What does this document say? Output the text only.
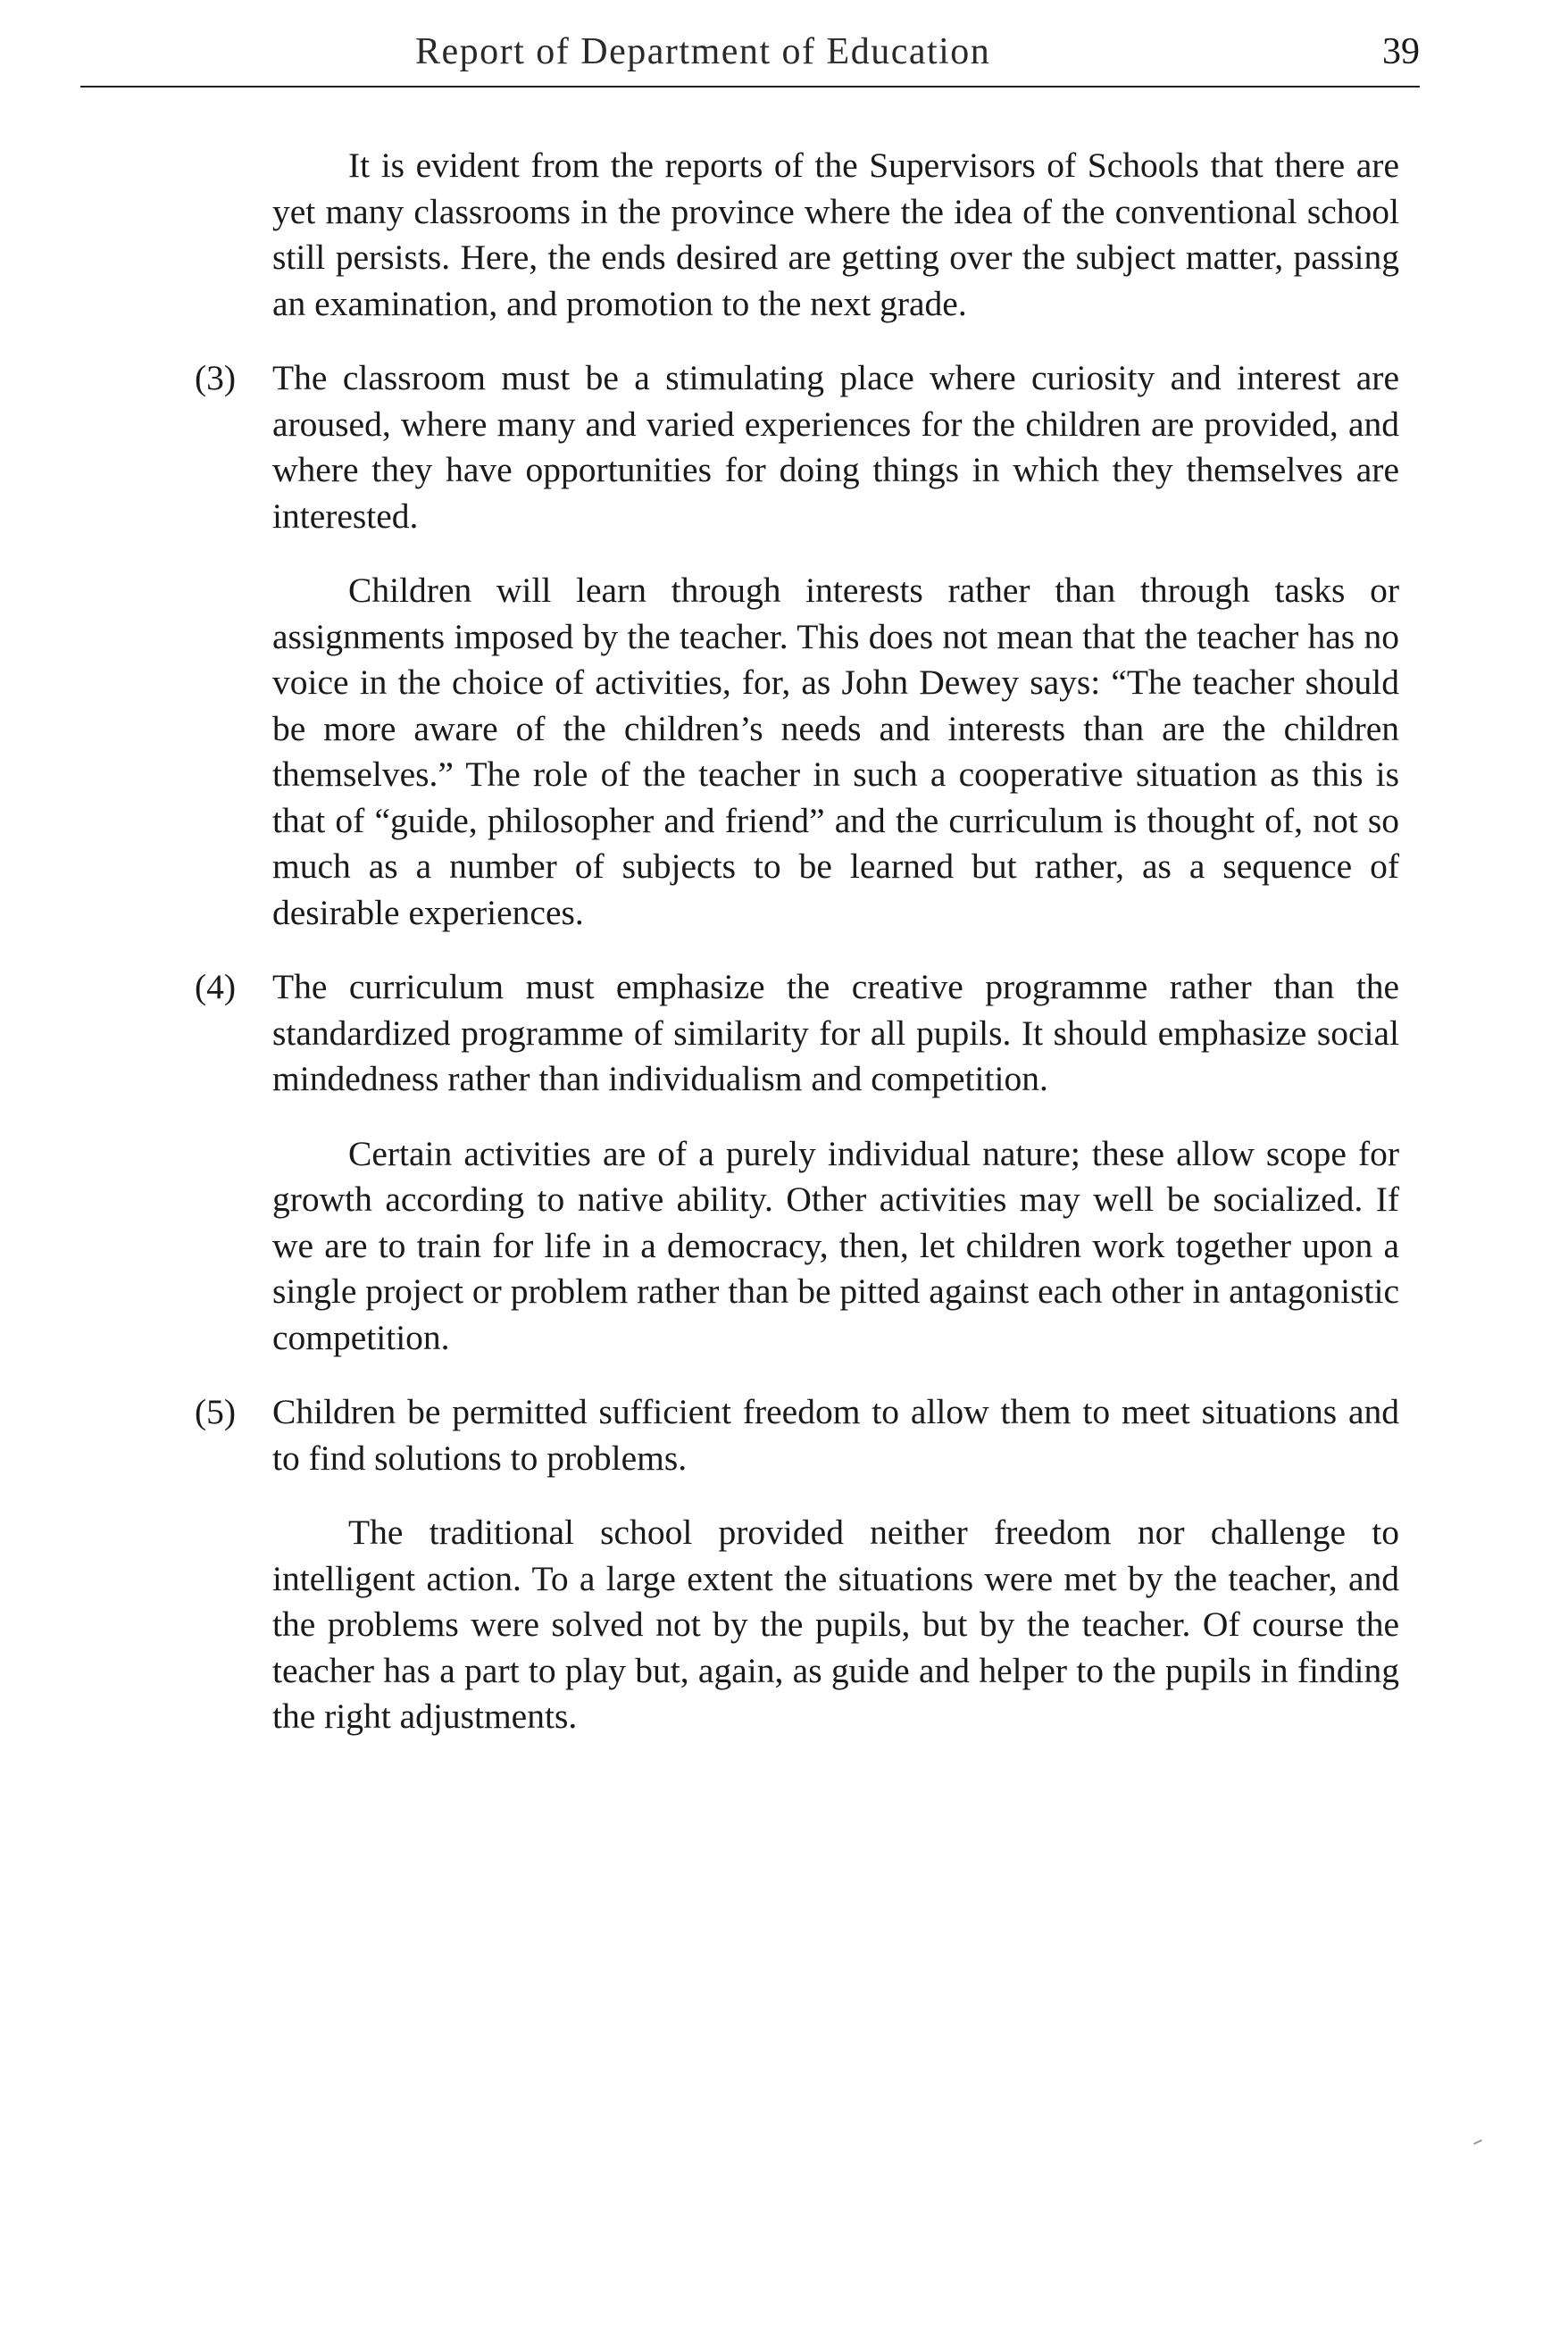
Report of Department of Education	39

It is evident from the reports of the Supervisors of Schools that there are yet many classrooms in the province where the idea of the conventional school still persists. Here, the ends desired are getting over the subject matter, passing an examination, and promotion to the next grade.

(3) The classroom must be a stimulating place where curiosity and interest are aroused, where many and varied experiences for the children are provided, and where they have opportunities for doing things in which they themselves are interested.

Children will learn through interests rather than through tasks or assignments imposed by the teacher. This does not mean that the teacher has no voice in the choice of activities, for, as John Dewey says: “The teacher should be more aware of the children’s needs and interests than are the children themselves.” The role of the teacher in such a cooperative situation as this is that of “guide, philosopher and friend” and the curriculum is thought of, not so much as a number of subjects to be learned but rather, as a sequence of desirable experiences.

(4) The curriculum must emphasize the creative programme rather than the standardized programme of similarity for all pupils. It should emphasize social mindedness rather than individualism and competition.

Certain activities are of a purely individual nature; these allow scope for growth according to native ability. Other activities may well be socialized. If we are to train for life in a democracy, then, let children work together upon a single project or problem rather than be pitted against each other in antagonistic competition.

(5) Children be permitted sufficient freedom to allow them to meet situations and to find solutions to problems.

The traditional school provided neither freedom nor challenge to intelligent action. To a large extent the situations were met by the teacher, and the problems were solved not by the pupils, but by the teacher. Of course the teacher has a part to play but, again, as guide and helper to the pupils in finding the right adjustments.
